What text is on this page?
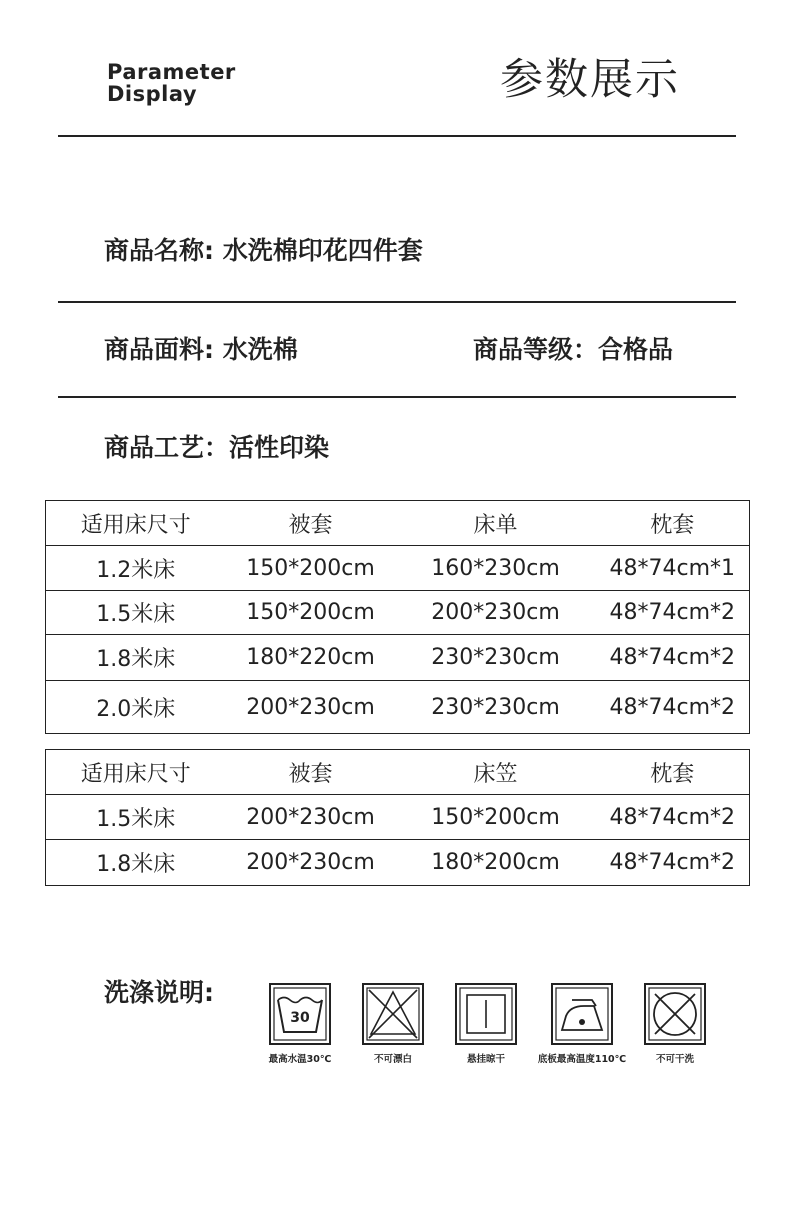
Parameter
Display	参数展示
商品名称: 水洗棉印花四件套
商品面料: 水洗棉	商品等级：合格品
商品工艺：活性印染
适用床尺寸	被套	床单	枕套
1.2米床	150*200cm	160*230cm	48*74cm*1
1.5米床	150*200cm	200*230cm	48*74cm*2
1.8米床	180*220cm	230*230cm	48*74cm*2
2.0米床	200*230cm	230*230cm	48*74cm*2
适用床尺寸	被套	床笠	枕套
1.5米床	200*230cm	150*200cm	48*74cm*2
1.8米床	200*230cm	180*200cm	48*74cm*2
洗涤说明:
30
最高水温30℃	不可漂白	悬挂晾干	底板最高温度110℃	不可干洗
